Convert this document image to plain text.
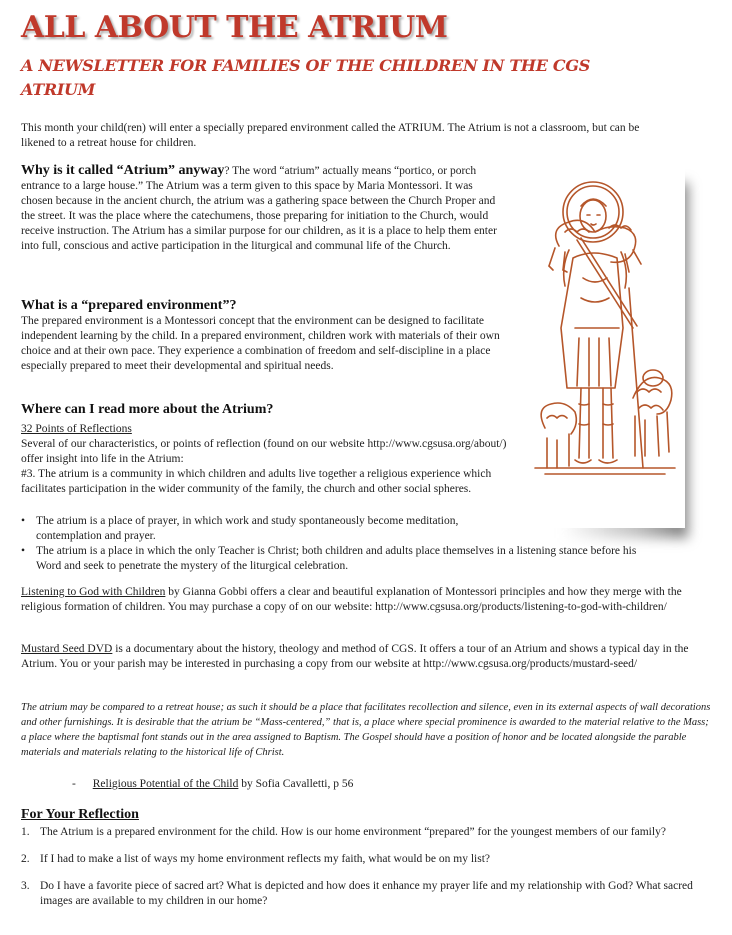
ALL ABOUT THE ATRIUM
A NEWSLETTER FOR FAMILIES OF THE CHILDREN IN THE CGS ATRIUM

This month your child(ren) will enter a specially prepared environment called the ATRIUM. The Atrium is not a classroom, but can be likened to a retreat house for children.

Why is it called “Atrium” anyway? The word “atrium” actually means “portico, or porch entrance to a large house.” The Atrium was a term given to this space by Maria Montessori. It was chosen because in the ancient church, the atrium was a gathering space between the Church Proper and the street. It was the place where the catechumens, those preparing for initiation to the Church, would receive instruction. The Atrium has a similar purpose for our children, as it is a place to help them enter into full, conscious and active participation in the liturgical and communal life of the Church.
What is a “prepared environment”?

The prepared environment is a Montessori concept that the environment can be designed to facilitate independent learning by the child. In a prepared environment, children work with materials of their own choice and at their own pace. They experience a combination of freedom and self-discipline in a place especially prepared to meet their developmental and spiritual needs.

Where can I read more about the Atrium?
32 Points of Reflections
Several of our characteristics, or points of reflection (found on our website http://www.cgsusa.org/about/) offer insight into life in the Atrium:
#3. The atrium is a community in which children and adults live together a religious experience which facilitates participation in the wider community of the family, the church and other social spheres.
• The atrium is a place of prayer, in which work and study spontaneously become meditation, contemplation and prayer.
• The atrium is a place in which the only Teacher is Christ; both children and adults place themselves in a listening stance before his Word and seek to penetrate the mystery of the liturgical celebration.

Listening to God with Children by Gianna Gobbi offers a clear and beautiful explanation of Montessori principles and how they merge with the religious formation of children. You may purchase a copy of on our website: http://www.cgsusa.org/products/listening-to-god-with-children/

Mustard Seed DVD is a documentary about the history, theology and method of CGS. It offers a tour of an Atrium and shows a typical day in the Atrium. You or your parish may be interested in purchasing a copy from our website at http://www.cgsusa.org/products/mustard-seed/

The atrium may be compared to a retreat house; as such it should be a place that facilitates recollection and silence, even in its external aspects of wall decorations and other furnishings. It is desirable that the atrium be “Mass-centered,” that is, a place where special prominence is awarded to the material relative to the Mass; a place where the baptismal font stands out in the area assigned to Baptism. The Gospel should have a position of honor and be located alongside the parable materials and materials relating to the historical life of Christ.

- Religious Potential of the Child by Sofia Cavalletti, p 56
For Your Reflection
1. The Atrium is a prepared environment for the child. How is our home environment “prepared” for the youngest members of our family?
2. If I had to make a list of ways my home environment reflects my faith, what would be on my list?
3. Do I have a favorite piece of sacred art? What is depicted and how does it enhance my prayer life and my relationship with God? What sacred images are available to my children in our home?
